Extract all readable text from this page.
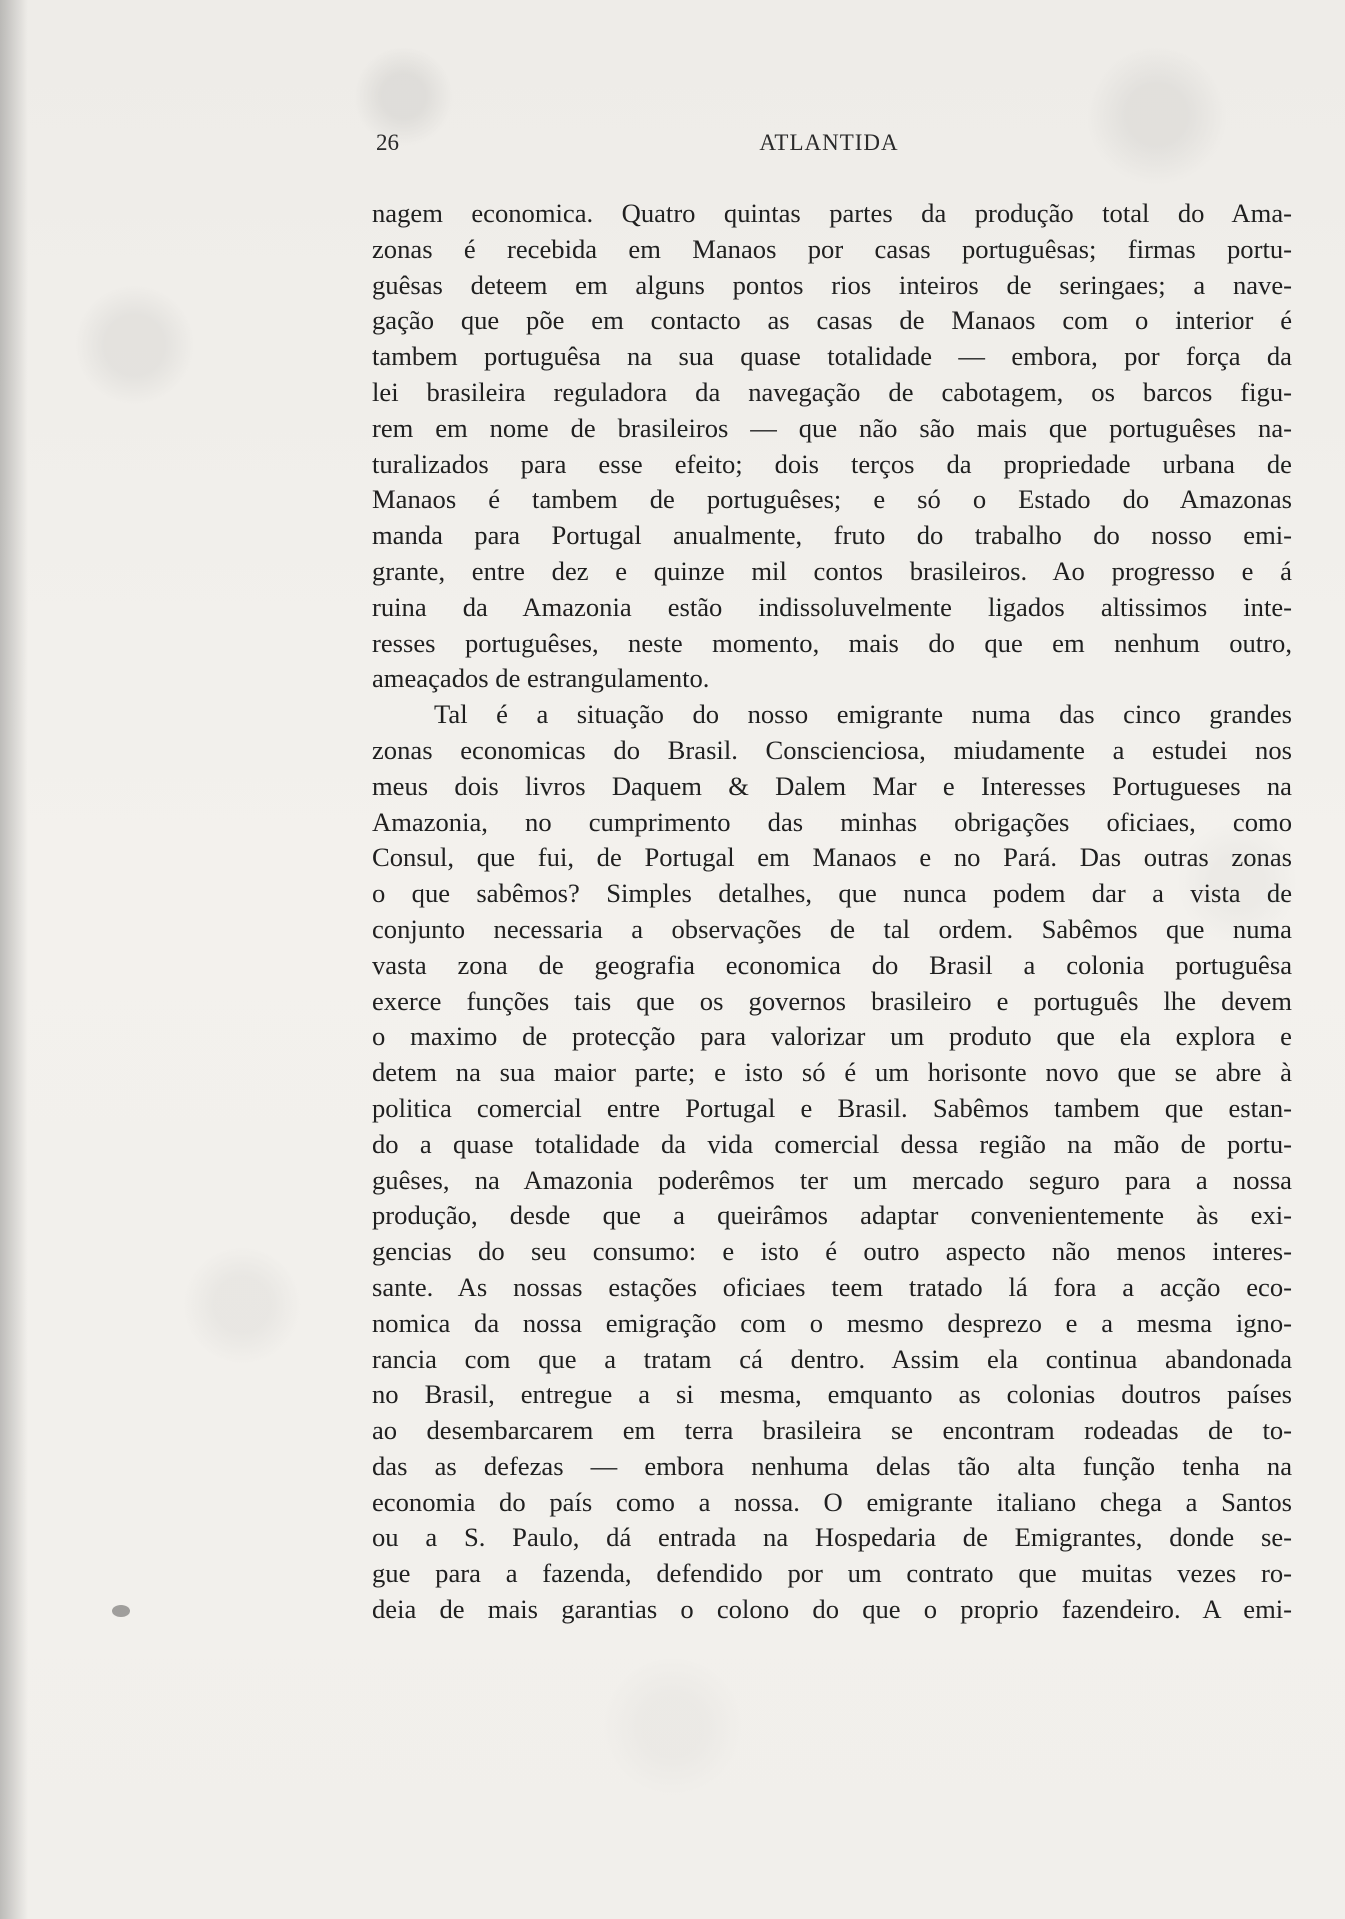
26	ATLANTIDA
nagem economica. Quatro quintas partes da produção total do Ama-
zonas é recebida em Manaos por casas portuguêsas; firmas portu-
guêsas deteem em alguns pontos rios inteiros de seringaes; a nave-
gação que põe em contacto as casas de Manaos com o interior é
tambem portuguêsa na sua quase totalidade — embora, por força da
lei brasileira reguladora da navegação de cabotagem, os barcos figu-
rem em nome de brasileiros — que não são mais que portuguêses na-
turalizados para esse efeito; dois terços da propriedade urbana de
Manaos é tambem de portuguêses; e só o Estado do Amazonas
manda para Portugal anualmente, fruto do trabalho do nosso emi-
grante, entre dez e quinze mil contos brasileiros. Ao progresso e á
ruina da Amazonia estão indissoluvelmente ligados altissimos inte-
resses portuguêses, neste momento, mais do que em nenhum outro,
ameaçados de estrangulamento.
Tal é a situação do nosso emigrante numa das cinco grandes
zonas economicas do Brasil. Conscienciosa, miudamente a estudei nos
meus dois livros Daquem & Dalem Mar e Interesses Portugueses na
Amazonia, no cumprimento das minhas obrigações oficiaes, como
Consul, que fui, de Portugal em Manaos e no Pará. Das outras zonas
o que sabêmos? Simples detalhes, que nunca podem dar a vista de
conjunto necessaria a observações de tal ordem. Sabêmos que numa
vasta zona de geografia economica do Brasil a colonia portuguêsa
exerce funções tais que os governos brasileiro e português lhe devem
o maximo de protecção para valorizar um produto que ela explora e
detem na sua maior parte; e isto só é um horisonte novo que se abre à
politica comercial entre Portugal e Brasil. Sabêmos tambem que estan-
do a quase totalidade da vida comercial dessa região na mão de portu-
guêses, na Amazonia poderêmos ter um mercado seguro para a nossa
produção, desde que a queirâmos adaptar convenientemente às exi-
gencias do seu consumo: e isto é outro aspecto não menos interes-
sante. As nossas estações oficiaes teem tratado lá fora a acção eco-
nomica da nossa emigração com o mesmo desprezo e a mesma igno-
rancia com que a tratam cá dentro. Assim ela continua abandonada
no Brasil, entregue a si mesma, emquanto as colonias doutros países
ao desembarcarem em terra brasileira se encontram rodeadas de to-
das as defezas — embora nenhuma delas tão alta função tenha na
economia do país como a nossa. O emigrante italiano chega a Santos
ou a S. Paulo, dá entrada na Hospedaria de Emigrantes, donde se-
gue para a fazenda, defendido por um contrato que muitas vezes ro-
deia de mais garantias o colono do que o proprio fazendeiro. A emi-
